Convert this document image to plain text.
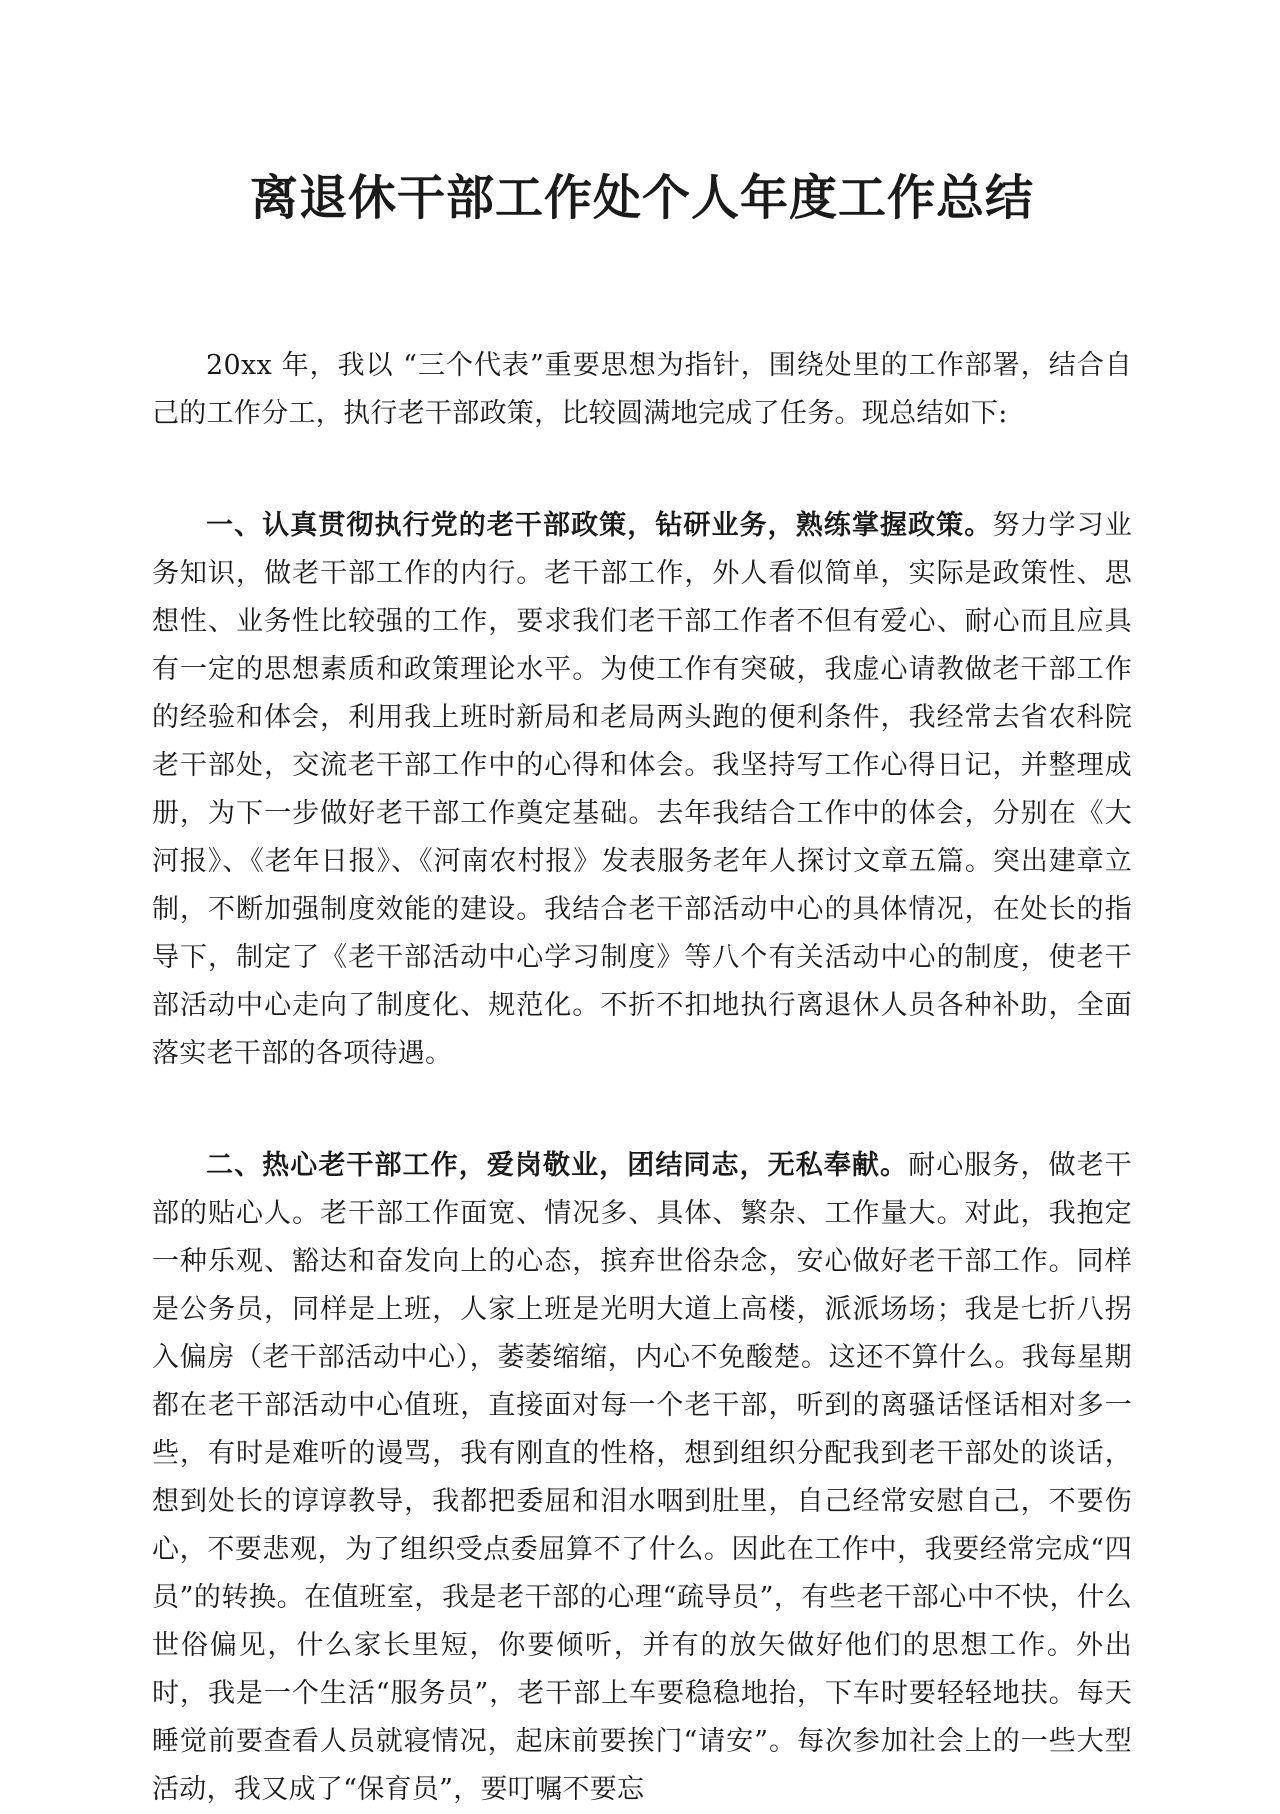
离退休干部工作处个人年度工作总结

20xx 年，我以 “三个代表”重要思想为指针，围绕处里的工作部署，结合自己的工作分工，执行老干部政策，比较圆满地完成了任务。现总结如下:

一、认真贯彻执行党的老干部政策，钻研业务，熟练掌握政策。努力学习业务知识，做老干部工作的内行。老干部工作，外人看似简单，实际是政策性、思想性、业务性比较强的工作，要求我们老干部工作者不但有爱心、耐心而且应具有一定的思想素质和政策理论水平。为使工作有突破，我虚心请教做老干部工作的经验和体会，利用我上班时新局和老局两头跑的便利条件，我经常去省农科院老干部处，交流老干部工作中的心得和体会。我坚持写工作心得日记，并整理成册，为下一步做好老干部工作奠定基础。去年我结合工作中的体会，分别在《大河报》、《老年日报》、《河南农村报》发表服务老年人探讨文章五篇。突出建章立制，不断加强制度效能的建设。我结合老干部活动中心的具体情况，在处长的指导下，制定了《老干部活动中心学习制度》等八个有关活动中心的制度，使老干部活动中心走向了制度化、规范化。不折不扣地执行离退休人员各种补助，全面落实老干部的各项待遇。

二、热心老干部工作，爱岗敬业，团结同志，无私奉献。耐心服务，做老干部的贴心人。老干部工作面宽、情况多、具体、繁杂、工作量大。对此，我抱定一种乐观、豁达和奋发向上的心态，摈弃世俗杂念，安心做好老干部工作。同样是公务员，同样是上班，人家上班是光明大道上高楼，派派场场；我是七折八拐入偏房（老干部活动中心），萎萎缩缩，内心不免酸楚。这还不算什么。我每星期都在老干部活动中心值班，直接面对每一个老干部，听到的离骚话怪话相对多一些，有时是难听的谩骂，我有刚直的性格，想到组织分配我到老干部处的谈话，想到处长的谆谆教导，我都把委屈和泪水咽到肚里，自己经常安慰自己，不要伤心，不要悲观，为了组织受点委屈算不了什么。因此在工作中，我要经常完成“四员”的转换。在值班室，我是老干部的心理“疏导员”，有些老干部心中不快，什么世俗偏见，什么家长里短，你要倾听，并有的放矢做好他们的思想工作。外出时，我是一个生活“服务员”，老干部上车要稳稳地抬，下车时要轻轻地扶。每天睡觉前要查看人员就寝情况，起床前要挨门“请安”。每次参加社会上的一些大型活动，我又成了“保育员”，要叮嘱不要忘
